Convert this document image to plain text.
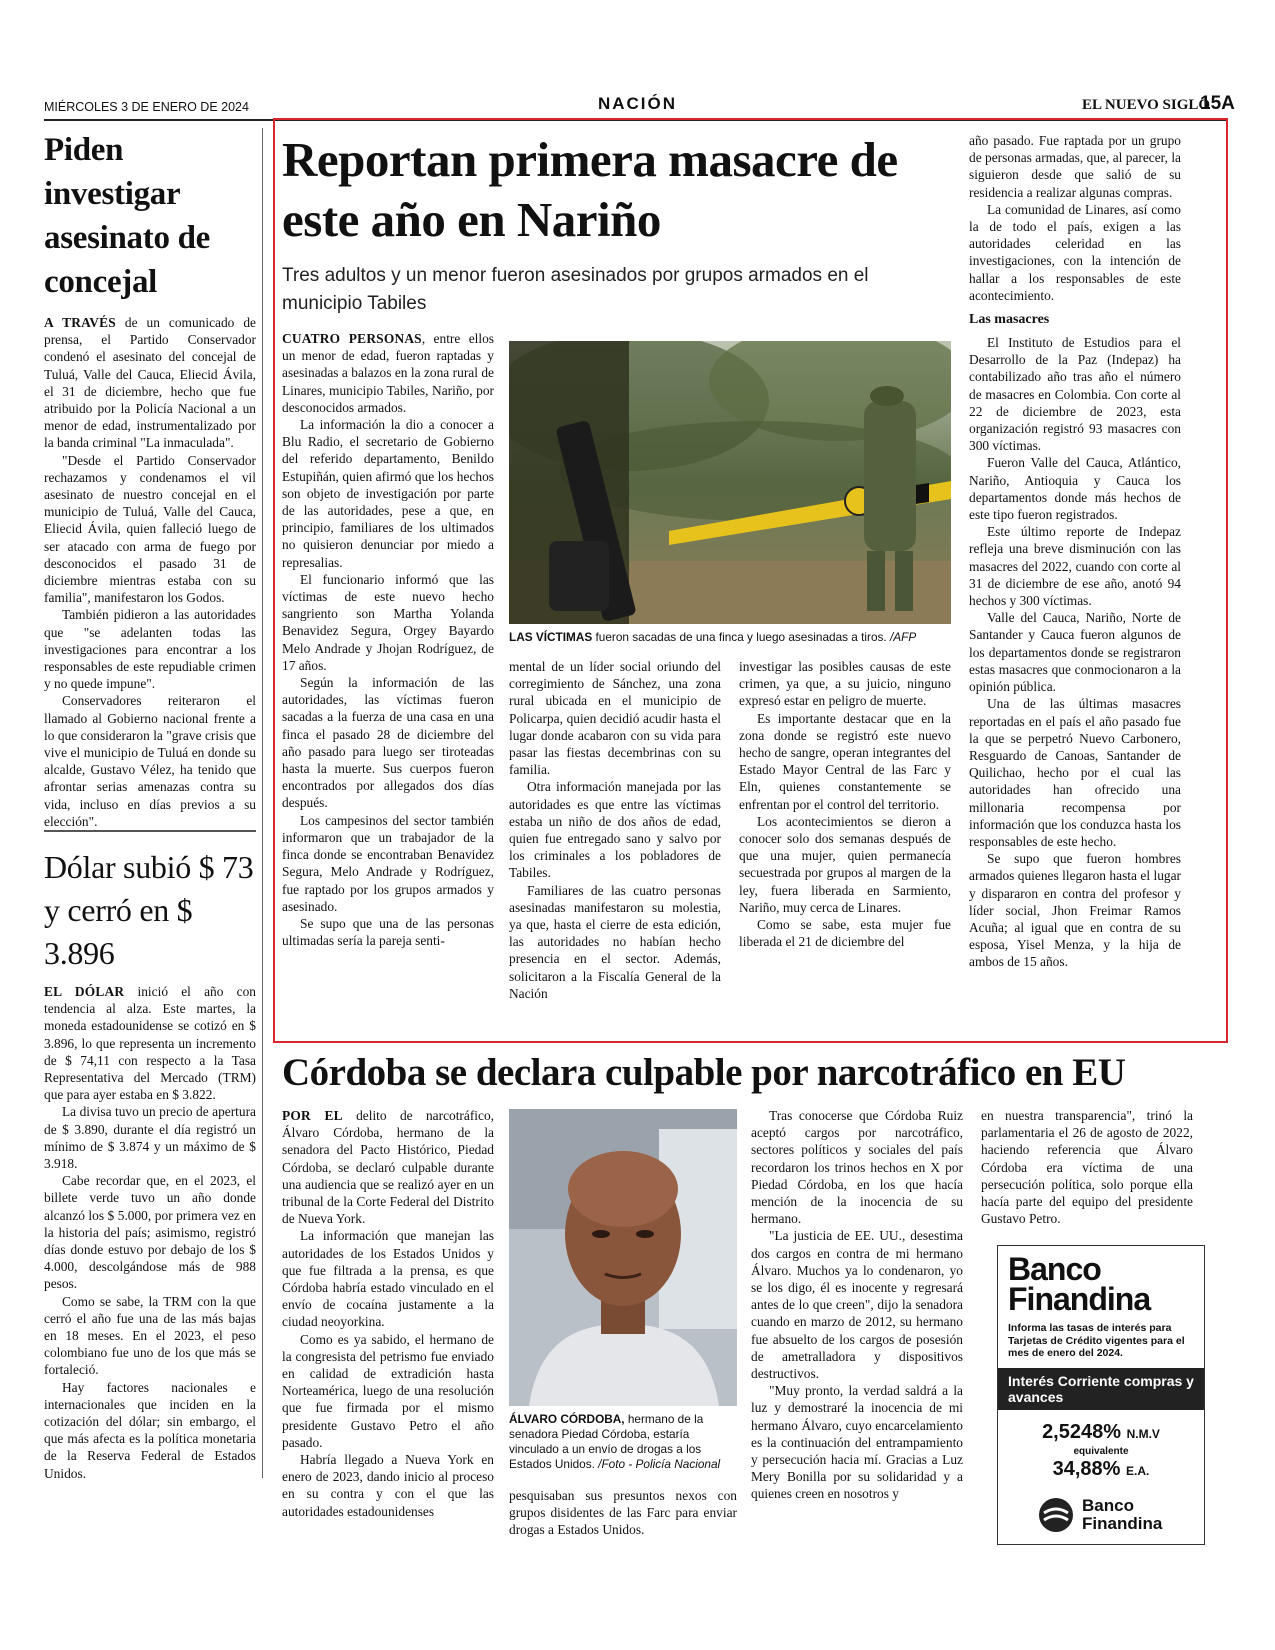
MIÉRCOLES 3 DE ENERO DE 2024	NACIÓN	EL NUEVO SIGLO
15A
Piden investigar asesinato de concejal

A TRAVÉS de un comunicado de prensa, el Partido Conservador condenó el asesinato del concejal de Tuluá, Valle del Cauca, Eliecid Ávila, el 31 de diciembre, hecho que fue atribuido por la Policía Nacional a un menor de edad, instrumentalizado por la banda criminal "La inmaculada".

"Desde el Partido Conservador rechazamos y condenamos el vil asesinato de nuestro concejal en el municipio de Tuluá, Valle del Cauca, Eliecid Ávila, quien falleció luego de ser atacado con arma de fuego por desconocidos el pasado 31 de diciembre mientras estaba con su familia", manifestaron los Godos.

También pidieron a las autoridades que "se adelanten todas las investigaciones para encontrar a los responsables de este repudiable crimen y no quede impune".

Conservadores reiteraron el llamado al Gobierno nacional frente a lo que consideraron la "grave crisis que vive el municipio de Tuluá en donde su alcalde, Gustavo Vélez, ha tenido que afrontar serias amenazas contra su vida, incluso en días previos a su elección".

Dólar subió $ 73 y cerró en $ 3.896

EL DÓLAR inició el año con tendencia al alza. Este martes, la moneda estadounidense se cotizó en $ 3.896, lo que representa un incremento de $ 74,11 con respecto a la Tasa Representativa del Mercado (TRM) que para ayer estaba en $ 3.822.

La divisa tuvo un precio de apertura de $ 3.890, durante el día registró un mínimo de $ 3.874 y un máximo de $ 3.918.

Cabe recordar que, en el 2023, el billete verde tuvo un año donde alcanzó los $ 5.000, por primera vez en la historia del país; asimismo, registró días donde estuvo por debajo de los $ 4.000, descolgándose más de 988 pesos.

Como se sabe, la TRM con la que cerró el año fue una de las más bajas en 18 meses. En el 2023, el peso colombiano fue uno de los que más se fortaleció.

Hay factores nacionales e internacionales que inciden en la cotización del dólar; sin embargo, el que más afecta es la política monetaria de la Reserva Federal de Estados Unidos.

Reportan primera masacre de este año en Nariño
Tres adultos y un menor fueron asesinados por grupos armados en el municipio Tabiles

CUATRO PERSONAS, entre ellos un menor de edad, fueron raptadas y asesinadas a balazos en la zona rural de Linares, municipio Tabiles, Nariño, por desconocidos armados.

La información la dio a conocer a Blu Radio, el secretario de Gobierno del referido departamento, Benildo Estupiñán, quien afirmó que los hechos son objeto de investigación por parte de las autoridades, pese a que, en principio, familiares de los ultimados no quisieron denunciar por miedo a represalias.

El funcionario informó que las víctimas de este nuevo hecho sangriento son Martha Yolanda Benavidez Segura, Orgey Bayardo Melo Andrade y Jhojan Rodríguez, de 17 años.

Según la información de las autoridades, las víctimas fueron sacadas a la fuerza de una casa en una finca el pasado 28 de diciembre del año pasado para luego ser tiroteadas hasta la muerte. Sus cuerpos fueron encontrados por allegados dos días después.

Los campesinos del sector también informaron que un trabajador de la finca donde se encontraban Benavidez Segura, Melo Andrade y Rodríguez, fue raptado por los grupos armados y asesinado.

Se supo que una de las personas ultimadas sería la pareja senti-

LAS VÍCTIMAS fueron sacadas de una finca y luego asesinadas a tiros. /AFP

mental de un líder social oriundo del corregimiento de Sánchez, una zona rural ubicada en el municipio de Policarpa, quien decidió acudir hasta el lugar donde acabaron con su vida para pasar las fiestas decembrinas con su familia.

Otra información manejada por las autoridades es que entre las víctimas estaba un niño de dos años de edad, quien fue entregado sano y salvo por los criminales a los pobladores de Tabiles.

Familiares de las cuatro personas asesinadas manifestaron su molestia, ya que, hasta el cierre de esta edición, las autoridades no habían hecho presencia en el sector. Además, solicitaron a la Fiscalía General de la Nación

investigar las posibles causas de este crimen, ya que, a su juicio, ninguno expresó estar en peligro de muerte.

Es importante destacar que en la zona donde se registró este nuevo hecho de sangre, operan integrantes del Estado Mayor Central de las Farc y Eln, quienes constantemente se enfrentan por el control del territorio.

Los acontecimientos se dieron a conocer solo dos semanas después de que una mujer, quien permanecía secuestrada por grupos al margen de la ley, fuera liberada en Sarmiento, Nariño, muy cerca de Linares.

Como se sabe, esta mujer fue liberada el 21 de diciembre del

año pasado. Fue raptada por un grupo de personas armadas, que, al parecer, la siguieron desde que salió de su residencia a realizar algunas compras.

La comunidad de Linares, así como la de todo el país, exigen a las autoridades celeridad en las investigaciones, con la intención de hallar a los responsables de este acontecimiento.

Las masacres

El Instituto de Estudios para el Desarrollo de la Paz (Indepaz) ha contabilizado año tras año el número de masacres en Colombia. Con corte al 22 de diciembre de 2023, esta organización registró 93 masacres con 300 víctimas.

Fueron Valle del Cauca, Atlántico, Nariño, Antioquia y Cauca los departamentos donde más hechos de este tipo fueron registrados.

Este último reporte de Indepaz refleja una breve disminución con las masacres del 2022, cuando con corte al 31 de diciembre de ese año, anotó 94 hechos y 300 víctimas.

Valle del Cauca, Nariño, Norte de Santander y Cauca fueron algunos de los departamentos donde se registraron estas masacres que conmocionaron a la opinión pública.

Una de las últimas masacres reportadas en el país el año pasado fue la que se perpetró Nuevo Carbonero, Resguardo de Canoas, Santander de Quilichao, hecho por el cual las autoridades han ofrecido una millonaria recompensa por información que los conduzca hasta los responsables de este hecho.

Se supo que fueron hombres armados quienes llegaron hasta el lugar y dispararon en contra del profesor y líder social, Jhon Freimar Ramos Acuña; al igual que en contra de su esposa, Yisel Menza, y la hija de ambos de 15 años.

Córdoba se declara culpable por narcotráfico en EU

POR EL delito de narcotráfico, Álvaro Córdoba, hermano de la senadora del Pacto Histórico, Piedad Córdoba, se declaró culpable durante una audiencia que se realizó ayer en un tribunal de la Corte Federal del Distrito de Nueva York.

La información que manejan las autoridades de los Estados Unidos y que fue filtrada a la prensa, es que Córdoba habría estado vinculado en el envío de cocaína justamente a la ciudad neoyorkina.

Como es ya sabido, el hermano de la congresista del petrismo fue enviado en calidad de extradición hasta Norteamérica, luego de una resolución que fue firmada por el mismo presidente Gustavo Petro el año pasado.

Habría llegado a Nueva York en enero de 2023, dando inicio al proceso en su contra y con el que las autoridades estadounidenses

ÁLVARO CÓRDOBA, hermano de la senadora Piedad Córdoba, estaría vinculado a un envío de drogas a los Estados Unidos. /Foto - Policía Nacional

pesquisaban sus presuntos nexos con grupos disidentes de las Farc para enviar drogas a Estados Unidos.

Tras conocerse que Córdoba Ruiz aceptó cargos por narcotráfico, sectores políticos y sociales del país recordaron los trinos hechos en X por Piedad Córdoba, en los que hacía mención de la inocencia de su hermano.

"La justicia de EE. UU., desestima dos cargos en contra de mi hermano Álvaro. Muchos ya lo condenaron, yo se los digo, él es inocente y regresará antes de lo que creen", dijo la senadora cuando en marzo de 2012, su hermano fue absuelto de los cargos de posesión de ametralladora y dispositivos destructivos.

"Muy pronto, la verdad saldrá a la luz y demostraré la inocencia de mi hermano Álvaro, cuyo encarcelamiento es la continuación del entrampamiento y persecución hacia mí. Gracias a Luz Mery Bonilla por su solidaridad y a quienes creen en nosotros y

en nuestra transparencia", trinó la parlamentaria el 26 de agosto de 2022, haciendo referencia que Álvaro Córdoba era víctima de una persecución política, solo porque ella hacía parte del equipo del presidente Gustavo Petro.

Banco Finandina
Informa las tasas de interés para Tarjetas de Crédito vigentes para el mes de enero del 2024.
Interés Corriente compras y avances
2,5248% N.M.V
equivalente
34,88% E.A.
Banco
Finandina
